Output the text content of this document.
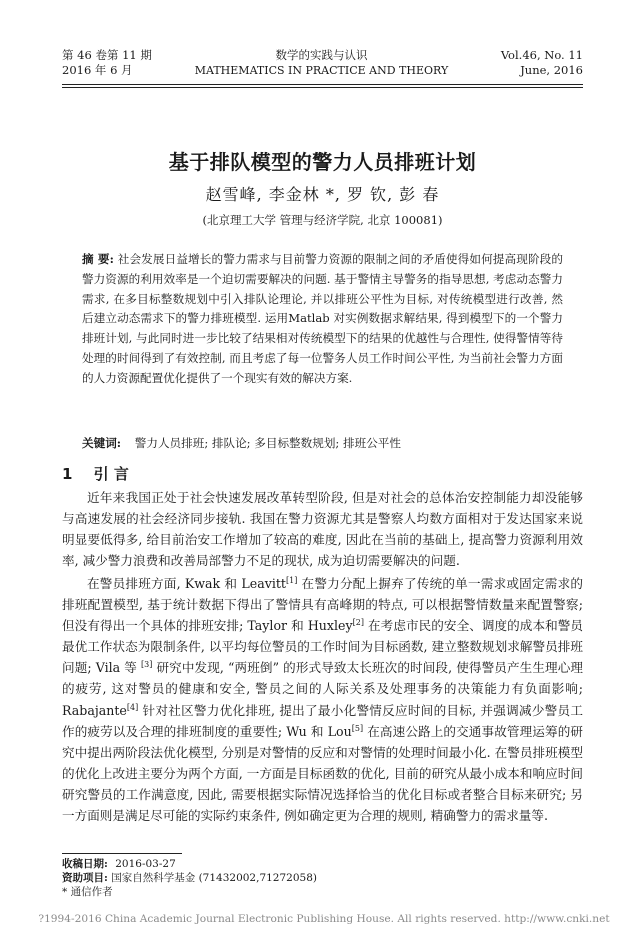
第 46 卷第 11 期
2016 年 6 月
数学的实践与认识
MATHEMATICS IN PRACTICE AND THEORY
Vol.46, No. 11
June, 2016
基于排队模型的警力人员排班计划
赵雪峰, 李金林 *, 罗 钦, 彭 春
(北京理工大学 管理与经济学院, 北京 100081)

摘 要: 社会发展日益增长的警力需求与目前警力资源的限制之间的矛盾使得如何提高现阶段的警力资源的利用效率是一个迫切需要解决的问题. 基于警情主导警务的指导思想, 考虑动态警力需求, 在多目标整数规划中引入排队论理论, 并以排班公平性为目标, 对传统模型进行改善, 然后建立动态需求下的警力排班模型. 运用Matlab 对实例数据求解结果, 得到模型下的一个警力排班计划, 与此同时进一步比较了结果相对传统模型下的结果的优越性与合理性, 使得警情等待处理的时间得到了有效控制, 而且考虑了每一位警务人员工作时间公平性, 为当前社会警力方面的人力资源配置优化提供了一个现实有效的解决方案.

关键词: 警力人员排班; 排队论; 多目标整数规划; 排班公平性

1 引 言

近年来我国正处于社会快速发展改革转型阶段, 但是对社会的总体治安控制能力却没能够与高速发展的社会经济同步接轨. 我国在警力资源尤其是警察人均数方面相对于发达国家来说明显要低得多, 给目前治安工作增加了较高的难度, 因此在当前的基础上, 提高警力资源利用效率, 减少警力浪费和改善局部警力不足的现状, 成为迫切需要解决的问题.

在警员排班方面, Kwak 和 Leavitt[1] 在警力分配上摒弃了传统的单一需求或固定需求的排班配置模型, 基于统计数据下得出了警情具有高峰期的特点, 可以根据警情数量来配置警察; 但没有得出一个具体的排班安排; Taylor 和 Huxley[2] 在考虑市民的安全、调度的成本和警员最优工作状态为限制条件, 以平均每位警员的工作时间为目标函数, 建立整数规划求解警员排班问题; Vila 等 [3] 研究中发现, “两班倒” 的形式导致太长班次的时间段, 使得警员产生生理心理的疲劳, 这对警员的健康和安全, 警员之间的人际关系及处理事务的决策能力有负面影响; Rabajante[4] 针对社区警力优化排班, 提出了最小化警情反应时间的目标, 并强调减少警员工作的疲劳以及合理的排班制度的重要性; Wu 和 Lou[5] 在高速公路上的交通事故管理运筹的研究中提出两阶段法优化模型, 分别是对警情的反应和对警情的处理时间最小化. 在警员排班模型的优化上改进主要分为两个方面, 一方面是目标函数的优化, 目前的研究从最小成本和响应时间研究警员的工作满意度, 因此, 需要根据实际情况选择恰当的优化目标或者整合目标来研究; 另一方面则是满足尽可能的实际约束条件, 例如确定更为合理的规则, 精确警力的需求量等.

收稿日期: 2016-03-27
资助项目: 国家自然科学基金 (71432002,71272058)
* 通信作者
?1994-2016 China Academic Journal Electronic Publishing House. All rights reserved. http://www.cnki.net
